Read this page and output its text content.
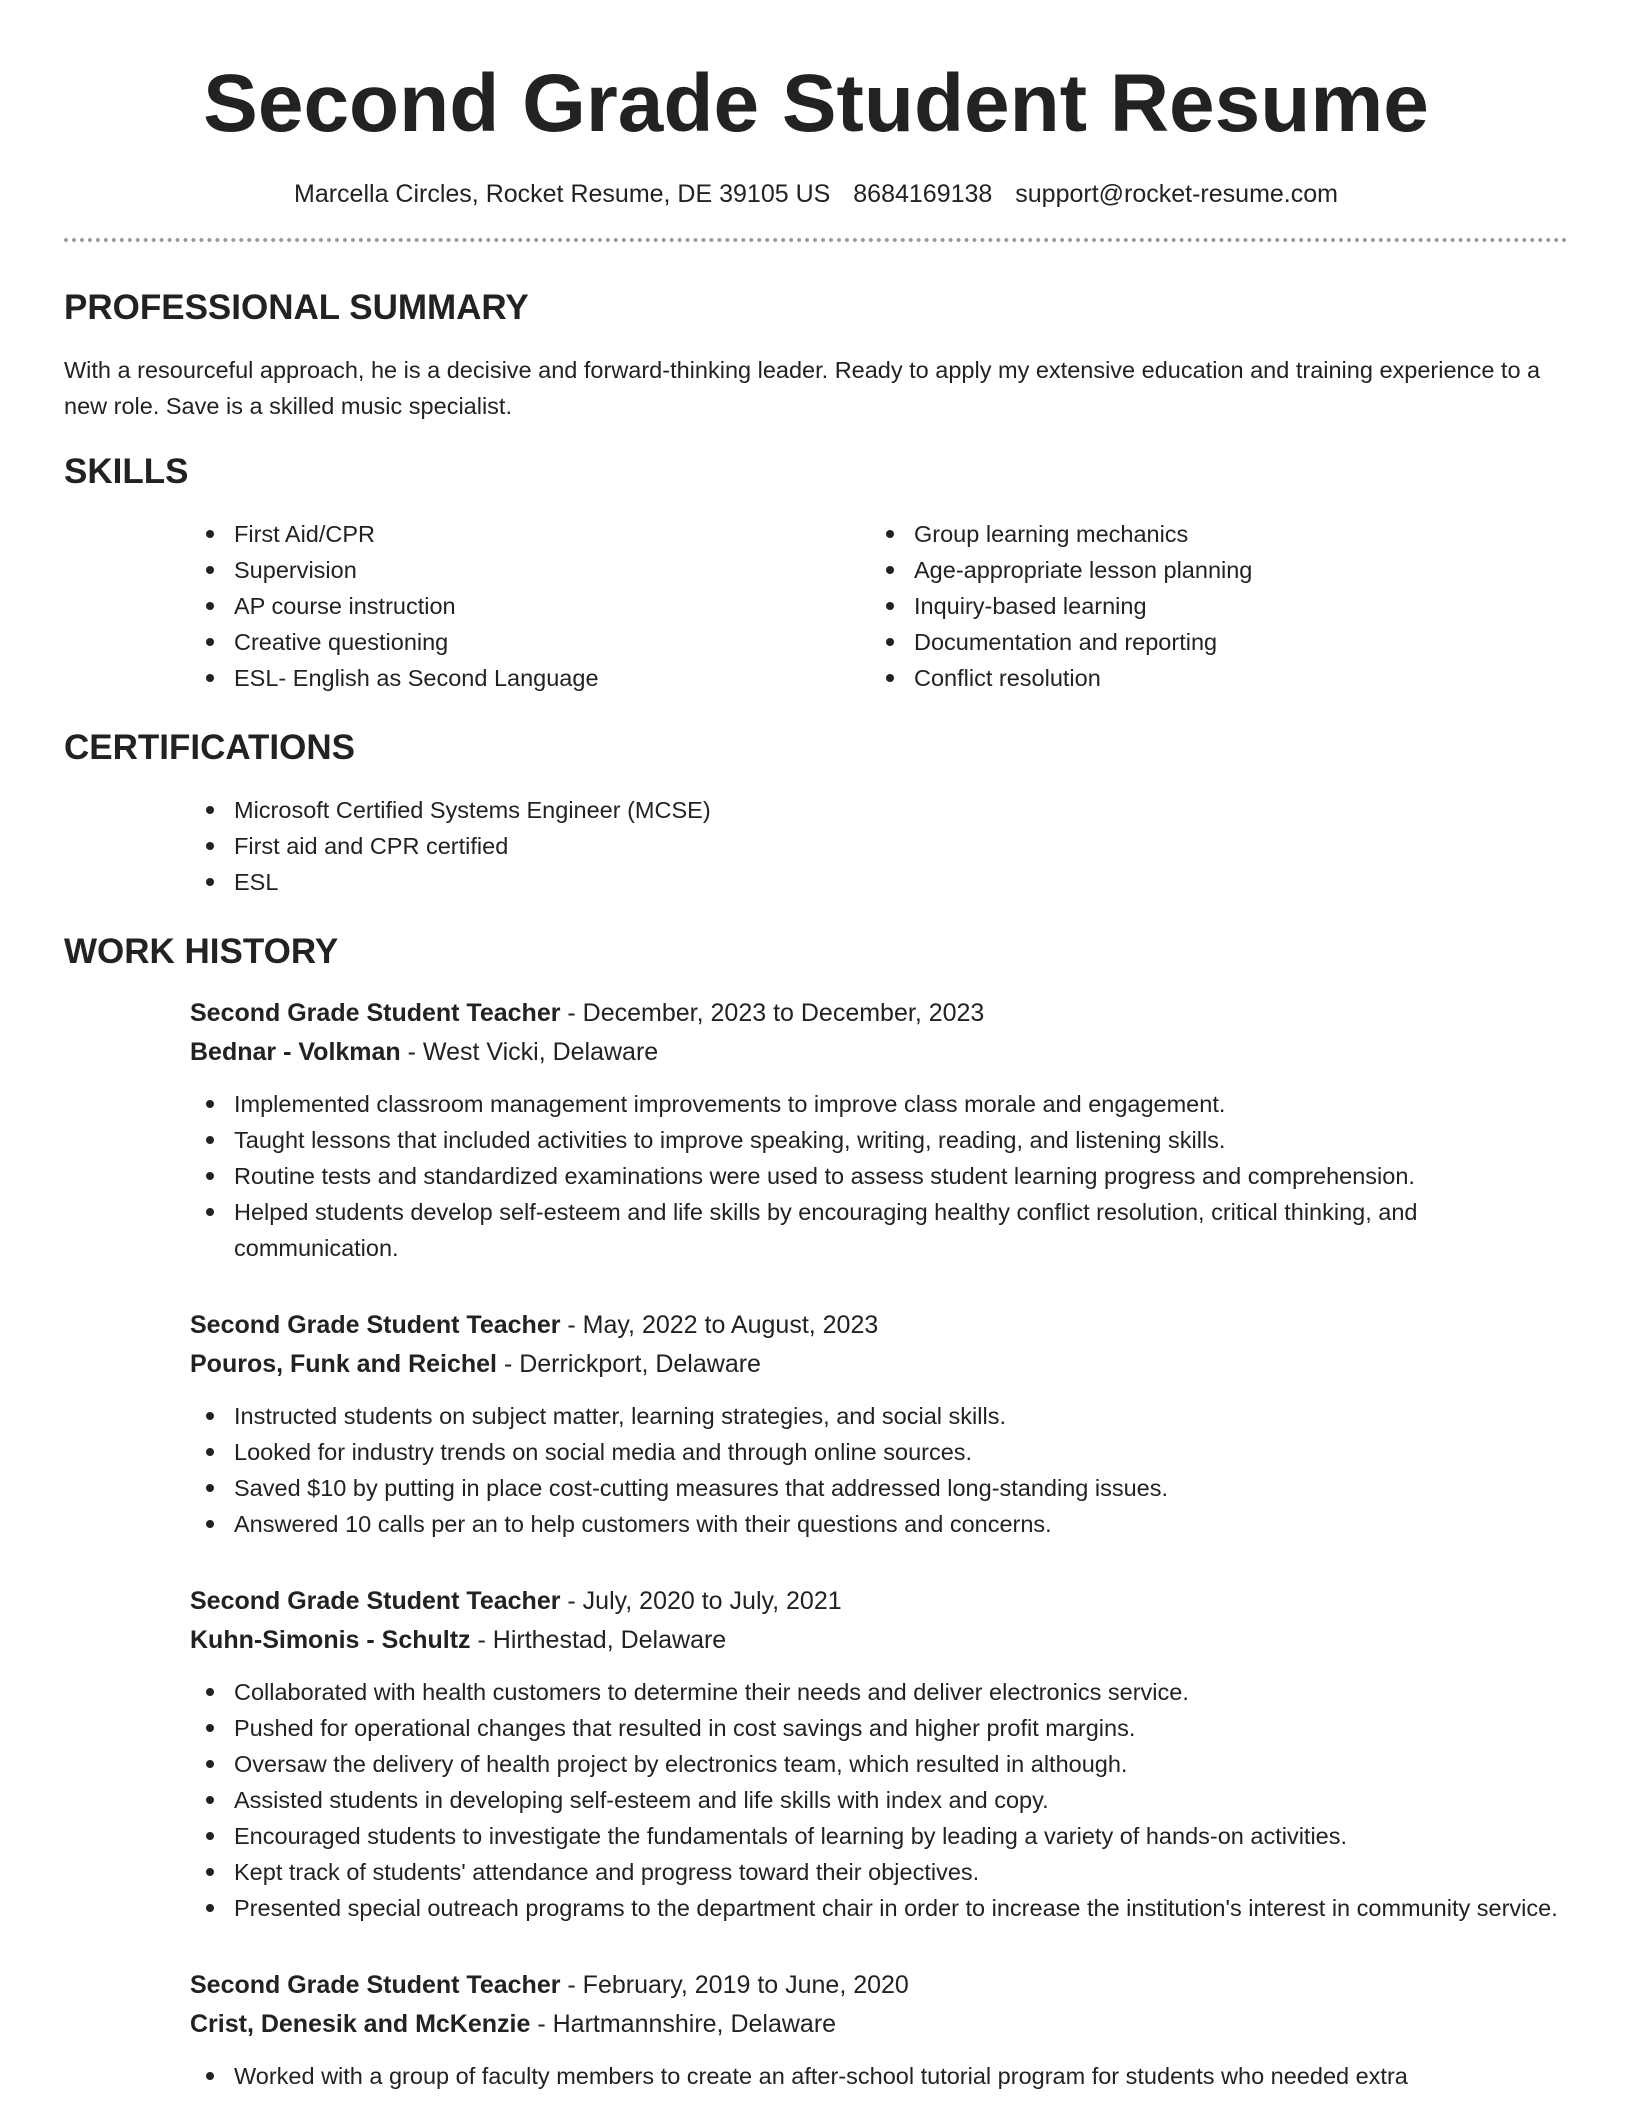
Second Grade Student Resume
Marcella Circles, Rocket Resume, DE 39105 US 8684169138 support@rocket-resume.com
PROFESSIONAL SUMMARY

With a resourceful approach, he is a decisive and forward-thinking leader. Ready to apply my extensive education and training experience to a new role. Save is a skilled music specialist.

SKILLS
First Aid/CPR
Supervision
AP course instruction
Creative questioning
ESL- English as Second Language
Group learning mechanics
Age-appropriate lesson planning
Inquiry-based learning
Documentation and reporting
Conflict resolution
CERTIFICATIONS
Microsoft Certified Systems Engineer (MCSE)
First aid and CPR certified
ESL
WORK HISTORY
Second Grade Student Teacher - December, 2023 to December, 2023
Bednar - Volkman - West Vicki, Delaware
Implemented classroom management improvements to improve class morale and engagement.
Taught lessons that included activities to improve speaking, writing, reading, and listening skills.
Routine tests and standardized examinations were used to assess student learning progress and comprehension.
Helped students develop self-esteem and life skills by encouraging healthy conflict resolution, critical thinking, and communication.
Second Grade Student Teacher - May, 2022 to August, 2023
Pouros, Funk and Reichel - Derrickport, Delaware
Instructed students on subject matter, learning strategies, and social skills.
Looked for industry trends on social media and through online sources.
Saved $10 by putting in place cost-cutting measures that addressed long-standing issues.
Answered 10 calls per an to help customers with their questions and concerns.
Second Grade Student Teacher - July, 2020 to July, 2021
Kuhn-Simonis - Schultz - Hirthestad, Delaware
Collaborated with health customers to determine their needs and deliver electronics service.
Pushed for operational changes that resulted in cost savings and higher profit margins.
Oversaw the delivery of health project by electronics team, which resulted in although.
Assisted students in developing self-esteem and life skills with index and copy.
Encouraged students to investigate the fundamentals of learning by leading a variety of hands-on activities.
Kept track of students' attendance and progress toward their objectives.
Presented special outreach programs to the department chair in order to increase the institution's interest in community service.
Second Grade Student Teacher - February, 2019 to June, 2020
Crist, Denesik and McKenzie - Hartmannshire, Delaware
Worked with a group of faculty members to create an after-school tutorial program for students who needed extra
